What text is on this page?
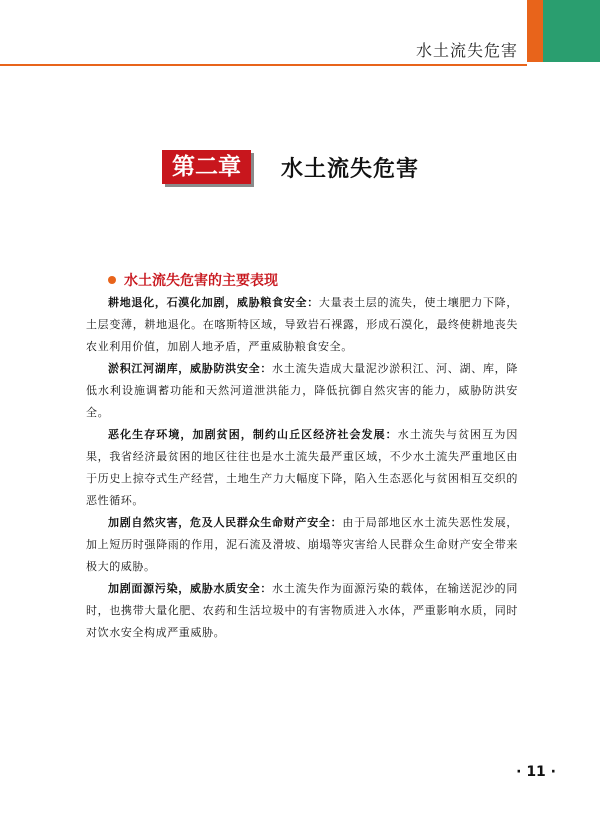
水土流失危害
第二章	水土流失危害
水土流失危害的主要表现

耕地退化，石漠化加剧，威胁粮食安全：大量表土层的流失，使土壤肥力下降，土层变薄，耕地退化。在喀斯特区域，导致岩石裸露，形成石漠化，最终使耕地丧失农业利用价值，加剧人地矛盾，严重威胁粮食安全。

淤积江河湖库，威胁防洪安全：水土流失造成大量泥沙淤积江、河、湖、库，降低水利设施调蓄功能和天然河道泄洪能力，降低抗御自然灾害的能力，威胁防洪安全。

恶化生存环境，加剧贫困，制约山丘区经济社会发展：水土流失与贫困互为因果，我省经济最贫困的地区往往也是水土流失最严重区域，不少水土流失严重地区由于历史上掠夺式生产经营，土地生产力大幅度下降，陷入生态恶化与贫困相互交织的恶性循环。

加剧自然灾害，危及人民群众生命财产安全：由于局部地区水土流失恶性发展，加上短历时强降雨的作用，泥石流及滑坡、崩塌等灾害给人民群众生命财产安全带来极大的威胁。

加剧面源污染，威胁水质安全：水土流失作为面源污染的载体，在输送泥沙的同时，也携带大量化肥、农药和生活垃圾中的有害物质进入水体，严重影响水质，同时对饮水安全构成严重威胁。

· 11 ·
